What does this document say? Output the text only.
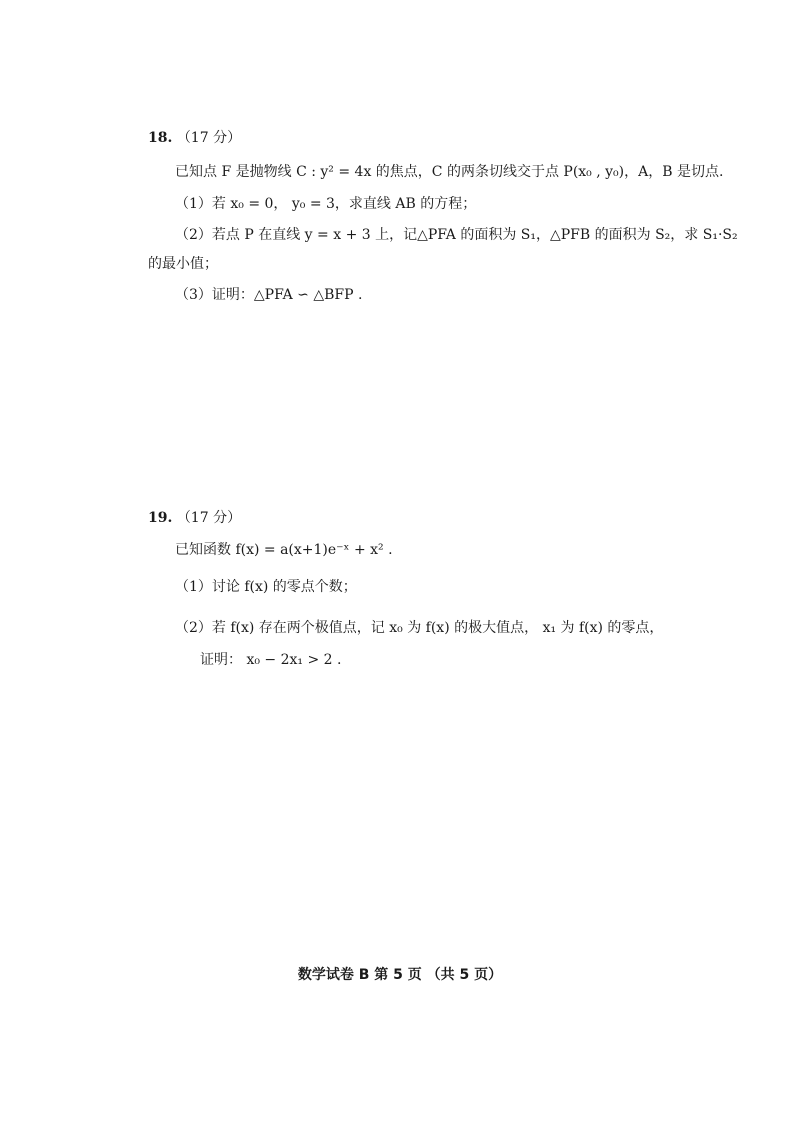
18. （17 分）
已知点 F 是抛物线 C : y² = 4x 的焦点，C 的两条切线交于点 P(x₀ , y₀)，A，B 是切点.
（1）若 x₀ = 0， y₀ = 3，求直线 AB 的方程；
（2）若点 P 在直线 y = x + 3 上，记△PFA 的面积为 S₁，△PFB 的面积为 S₂，求 S₁·S₂
的最小值；
（3）证明：△PFA ∽ △BFP .
19. （17 分）
已知函数 f(x) = a(x+1)e⁻ˣ + x² .
（1）讨论 f(x) 的零点个数；
（2）若 f(x) 存在两个极值点，记 x₀ 为 f(x) 的极大值点， x₁ 为 f(x) 的零点，
证明： x₀ − 2x₁ > 2 .
数学试卷 B 第 5 页 （共 5 页）
